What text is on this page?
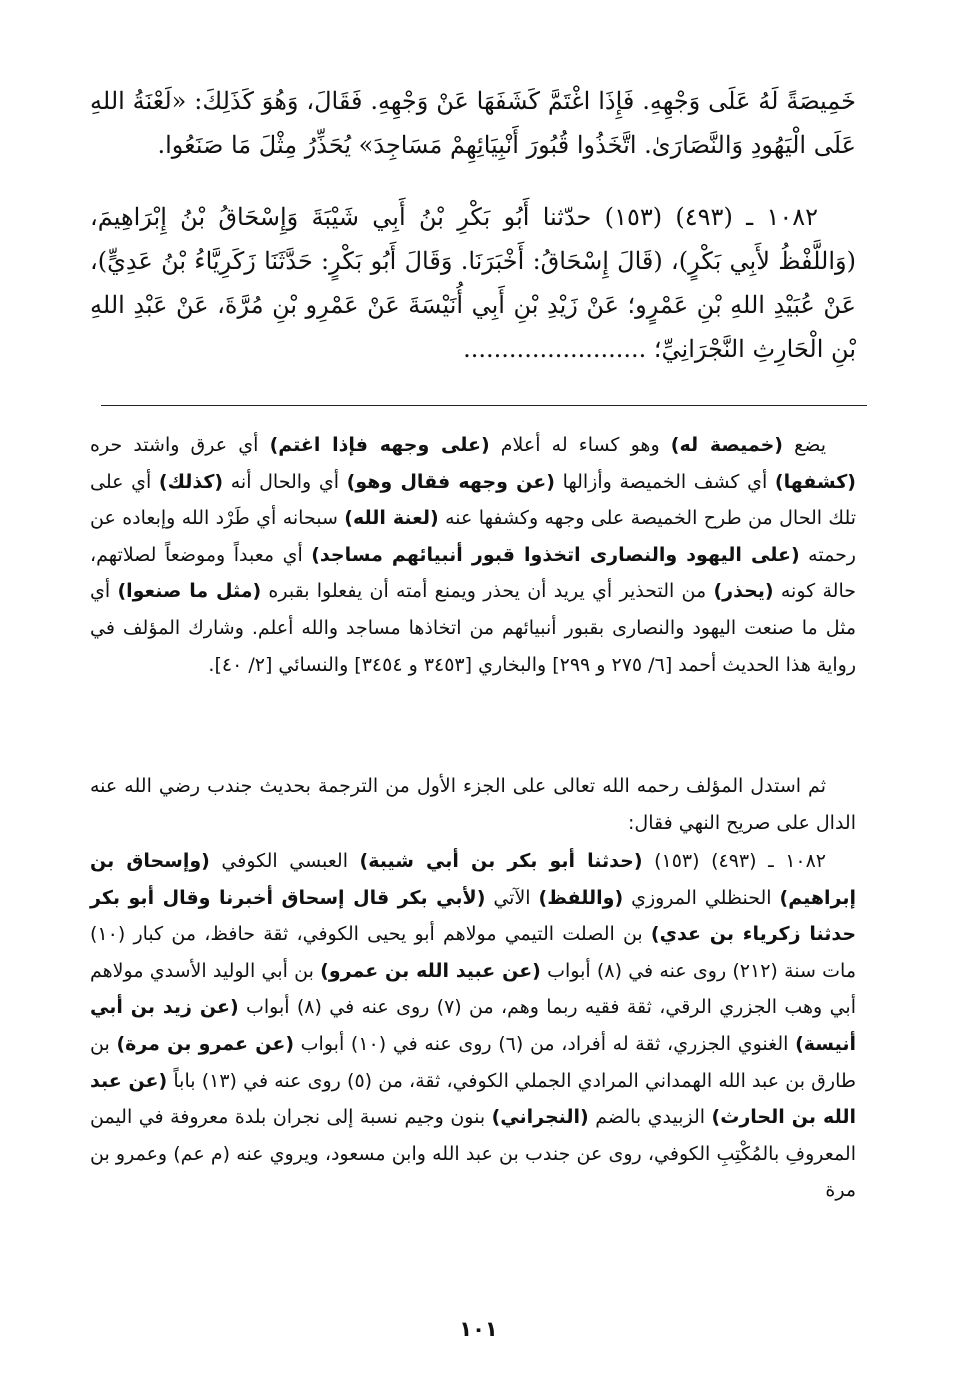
خَمِيصَةً لَهُ عَلَى وَجْهِهِ. فَإِذَا اغْتَمَّ كَشَفَهَا عَنْ وَجْهِهِ. فَقَالَ، وَهُوَ كَذَلِكَ: «لَعْنَةُ اللهِ عَلَى الْيَهُودِ وَالنَّصَارَىٰ. اتَّخَذُوا قُبُورَ أَنْبِيَائِهِمْ مَسَاجِدَ» يُحَذِّرُ مِثْلَ مَا صَنَعُوا.
١٠٨٢ ـ (٤٩٣) (١٥٣) حدّثنا أَبُو بَكْرِ بْنُ أَبِي شَيْبَةَ وَإِسْحَاقُ بْنُ إِبْرَاهِيمَ، (وَاللَّفْظُ لأَبِي بَكْرٍ)، (قَالَ إِسْحَاقُ: أَخْبَرَنَا. وَقَالَ أَبُو بَكْرٍ: حَدَّثَنَا زَكَرِيَّاءُ بْنُ عَدِيٍّ)، عَنْ عُبَيْدِ اللهِ بْنِ عَمْرٍو؛ عَنْ زَيْدِ بْنِ أَبِي أُنَيْسَةَ عَنْ عَمْرِو بْنِ مُرَّةَ، عَنْ عَبْدِ اللهِ بْنِ الْحَارِثِ النَّجْرَانِيِّ؛ ........................
يضع (خميصة له) وهو كساء له أعلام (على وجهه فإذا اغتم) أي عرق واشتد حره (كشفها) أي كشف الخميصة وأزالها (عن وجهه فقال وهو) أي والحال أنه (كذلك) أي على تلك الحال من طرح الخميصة على وجهه وكشفها عنه (لعنة الله) سبحانه أي طَرْد الله وإبعاده عن رحمته (على اليهود والنصارى اتخذوا قبور أنبيائهم مساجد) أي معبداً وموضعاً لصلاتهم، حالة كونه (يحذر) من التحذير أي يريد أن يحذر ويمنع أمته أن يفعلوا بقبره (مثل ما صنعوا) أي مثل ما صنعت اليهود والنصارى بقبور أنبيائهم من اتخاذها مساجد والله أعلم. وشارك المؤلف في رواية هذا الحديث أحمد [٦/ ٢٧٥ و ٢٩٩] والبخاري [٣٤٥٣ و ٣٤٥٤] والنسائي [٢/ ٤٠].
ثم استدل المؤلف رحمه الله تعالى على الجزء الأول من الترجمة بحديث جندب رضي الله عنه الدال على صريح النهي فقال:
١٠٨٢ ـ (٤٩٣) (١٥٣) (حدثنا أبو بكر بن أبي شيبة) العبسي الكوفي (وإسحاق بن إبراهيم) الحنظلي المروزي (واللفظ) الآتي (لأبي بكر قال إسحاق أخبرنا وقال أبو بكر حدثنا زكرياء بن عدي) بن الصلت التيمي مولاهم أبو يحيى الكوفي، ثقة حافظ، من كبار (١٠) مات سنة (٢١٢) روى عنه في (٨) أبواب (عن عبيد الله بن عمرو) بن أبي الوليد الأسدي مولاهم أبي وهب الجزري الرقي، ثقة فقيه ربما وهم، من (٧) روى عنه في (٨) أبواب (عن زيد بن أبي أنيسة) الغنوي الجزري، ثقة له أفراد، من (٦) روى عنه في (١٠) أبواب (عن عمرو بن مرة) بن طارق بن عبد الله الهمداني المرادي الجملي الكوفي، ثقة، من (٥) روى عنه في (١٣) باباً (عن عبد الله بن الحارث) الزبيدي بالضم (النجراني) بنون وجيم نسبة إلى نجران بلدة معروفة في اليمن المعروفِ بالمُكْتِبِ الكوفي، روى عن جندب بن عبد الله وابن مسعود، ويروي عنه (م عم) وعمرو بن مرة
١٠١
